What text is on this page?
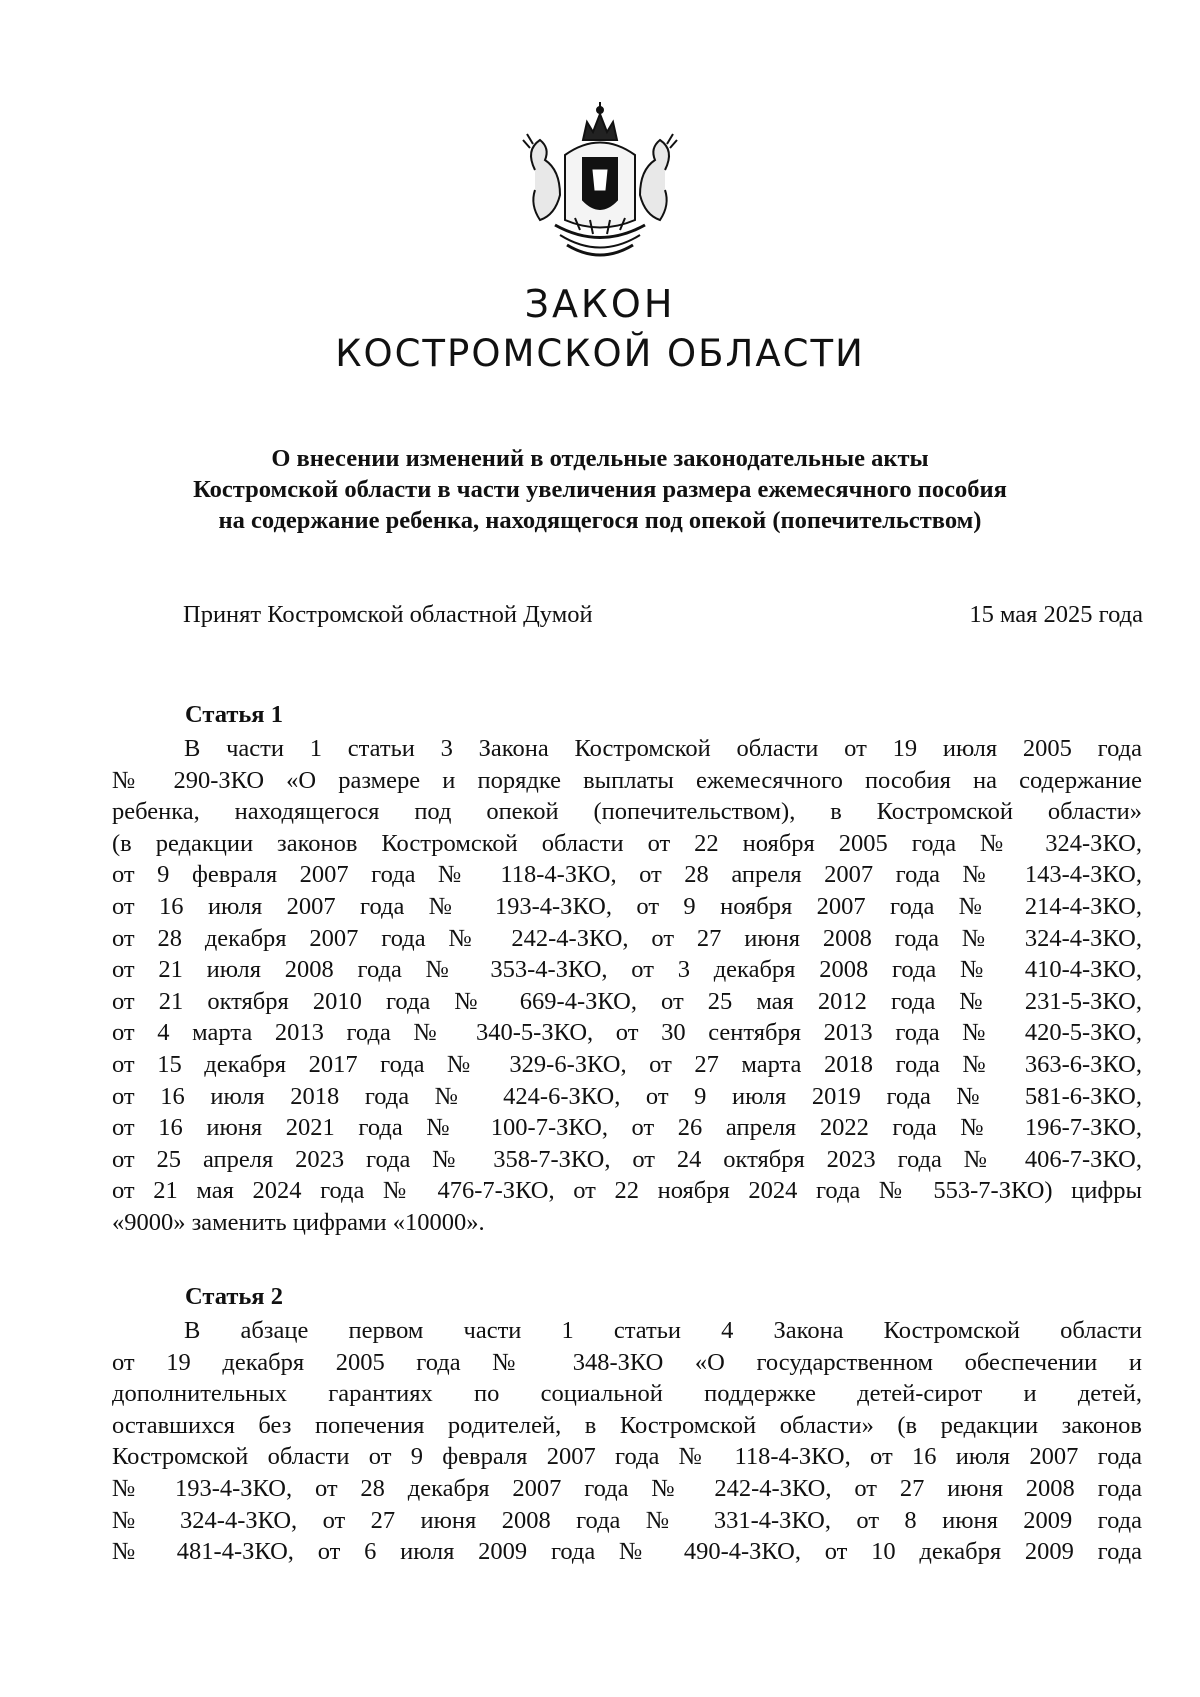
ЗАКОН
КОСТРОМСКОЙ ОБЛАСТИ
О внесении изменений в отдельные законодательные акты
Костромской области в части увеличения размера ежемесячного пособия
на содержание ребенка, находящегося под опекой (попечительством)
Принят Костромской областной Думой	15 мая 2025 года
Статья 1
В части 1 статьи 3 Закона Костромской области от 19 июля 2005 года
№ 290-ЗКО «О размере и порядке выплаты ежемесячного пособия на содержание
ребенка, находящегося под опекой (попечительством), в Костромской области»
(в редакции законов Костромской области от 22 ноября 2005 года № 324-ЗКО,
от 9 февраля 2007 года № 118-4-ЗКО, от 28 апреля 2007 года № 143-4-ЗКО,
от 16 июля 2007 года № 193-4-ЗКО, от 9 ноября 2007 года № 214-4-ЗКО,
от 28 декабря 2007 года № 242-4-ЗКО, от 27 июня 2008 года № 324-4-ЗКО,
от 21 июля 2008 года № 353-4-ЗКО, от 3 декабря 2008 года № 410-4-ЗКО,
от 21 октября 2010 года № 669-4-ЗКО, от 25 мая 2012 года № 231-5-ЗКО,
от 4 марта 2013 года № 340-5-ЗКО, от 30 сентября 2013 года № 420-5-ЗКО,
от 15 декабря 2017 года № 329-6-ЗКО, от 27 марта 2018 года № 363-6-ЗКО,
от 16 июля 2018 года № 424-6-ЗКО, от 9 июля 2019 года № 581-6-ЗКО,
от 16 июня 2021 года № 100-7-ЗКО, от 26 апреля 2022 года № 196-7-ЗКО,
от 25 апреля 2023 года № 358-7-ЗКО, от 24 октября 2023 года № 406-7-ЗКО,
от 21 мая 2024 года № 476-7-ЗКО, от 22 ноября 2024 года № 553-7-ЗКО) цифры
«9000» заменить цифрами «10000».
Статья 2
В абзаце первом части 1 статьи 4 Закона Костромской области
от 19 декабря 2005 года № 348-ЗКО «О государственном обеспечении и
дополнительных гарантиях по социальной поддержке детей-сирот и детей,
оставшихся без попечения родителей, в Костромской области» (в редакции законов
Костромской области от 9 февраля 2007 года № 118-4-ЗКО, от 16 июля 2007 года
№ 193-4-ЗКО, от 28 декабря 2007 года № 242-4-ЗКО, от 27 июня 2008 года
№ 324-4-ЗКО, от 27 июня 2008 года № 331-4-ЗКО, от 8 июня 2009 года
№ 481-4-ЗКО, от 6 июля 2009 года № 490-4-ЗКО, от 10 декабря 2009 года
